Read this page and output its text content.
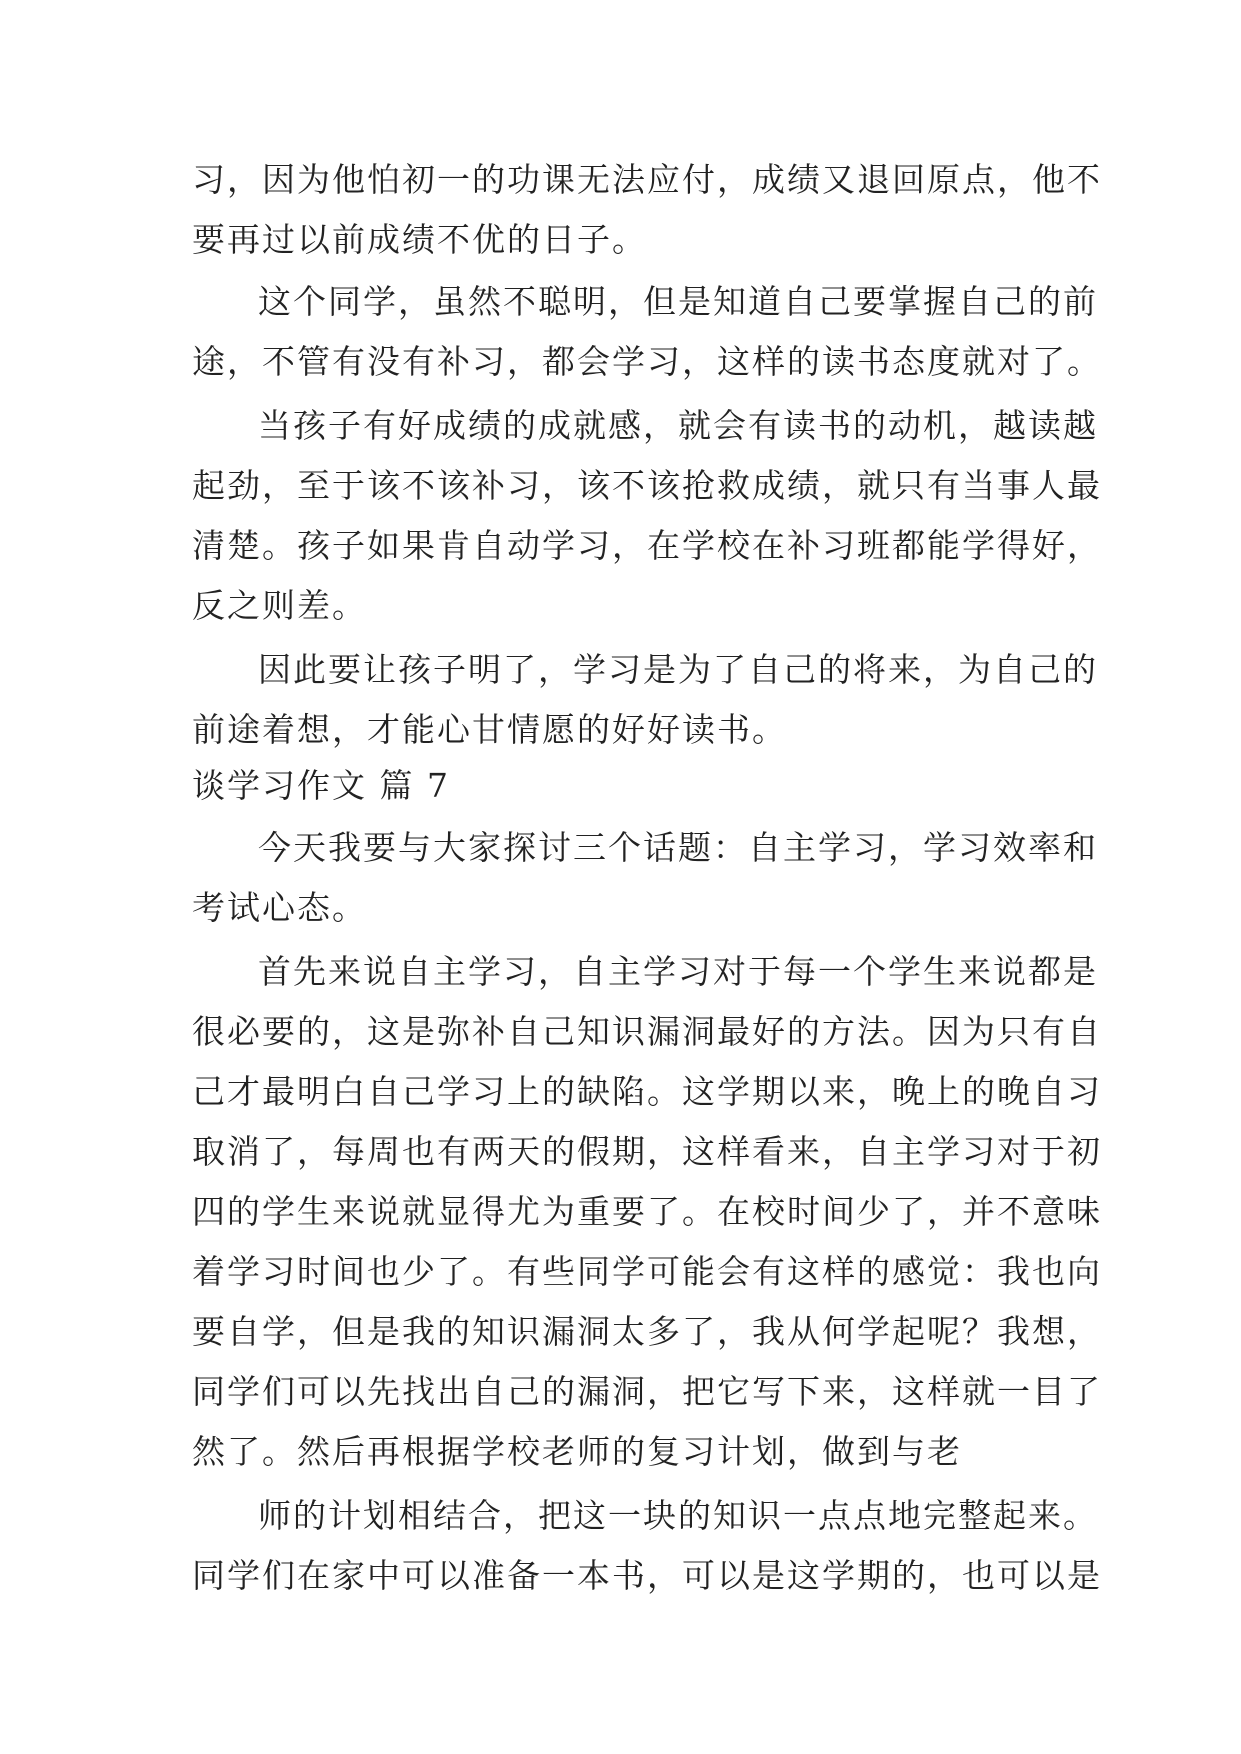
习，因为他怕初一的功课无法应付，成绩又退回原点，他不
要再过以前成绩不优的日子。
这个同学，虽然不聪明，但是知道自己要掌握自己的前
途，不管有没有补习，都会学习，这样的读书态度就对了。
当孩子有好成绩的成就感，就会有读书的动机，越读越
起劲，至于该不该补习，该不该抢救成绩，就只有当事人最
清楚。孩子如果肯自动学习，在学校在补习班都能学得好，
反之则差。
因此要让孩子明了，学习是为了自己的将来，为自己的
前途着想，才能心甘情愿的好好读书。
谈学习作文 篇 7
今天我要与大家探讨三个话题：自主学习，学习效率和
考试心态。
首先来说自主学习，自主学习对于每一个学生来说都是
很必要的，这是弥补自己知识漏洞最好的方法。因为只有自
己才最明白自己学习上的缺陷。这学期以来，晚上的晚自习
取消了，每周也有两天的假期，这样看来，自主学习对于初
四的学生来说就显得尤为重要了。在校时间少了，并不意味
着学习时间也少了。有些同学可能会有这样的感觉：我也向
要自学，但是我的知识漏洞太多了，我从何学起呢？我想，
同学们可以先找出自己的漏洞，把它写下来，这样就一目了
然了。然后再根据学校老师的复习计划，做到与老
师的计划相结合，把这一块的知识一点点地完整起来。
同学们在家中可以准备一本书，可以是这学期的，也可以是
